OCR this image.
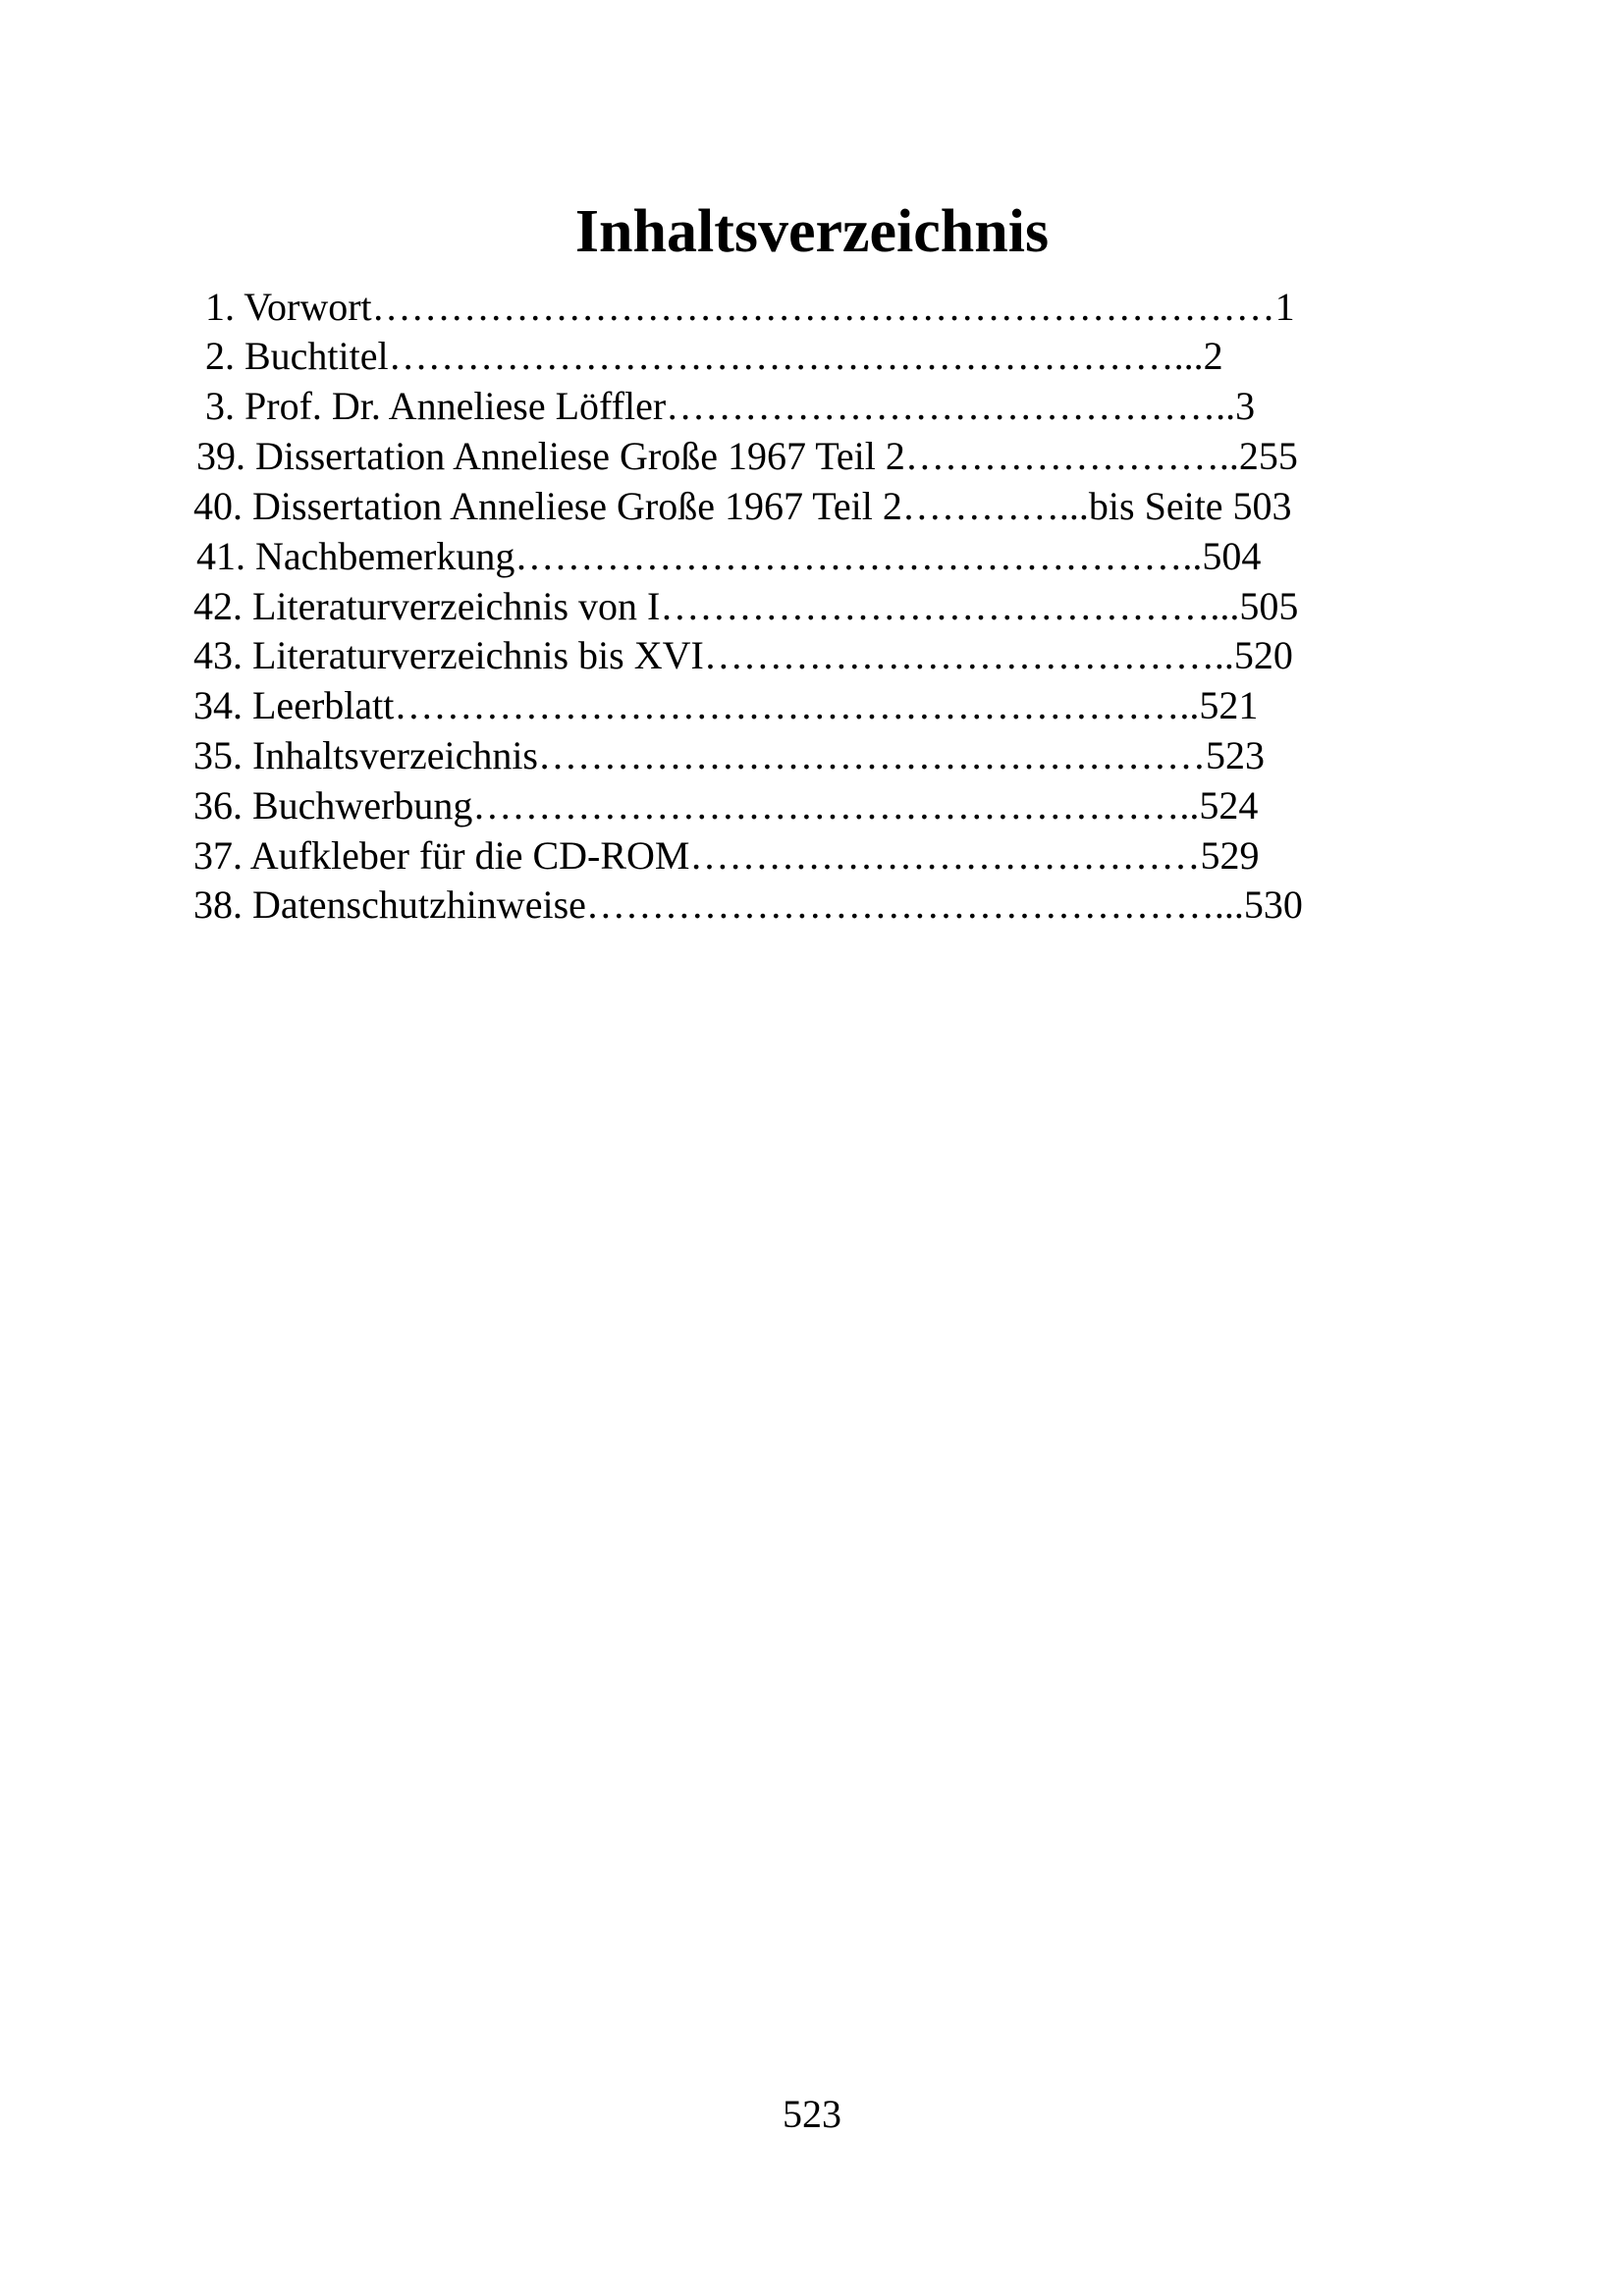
Inhaltsverzeichnis
1. Vorwort……………………………………………………………1
2. Buchtitel……………………………………………………...2
3. Prof. Dr. Anneliese Löffler……………………………………..3
39. Dissertation Anneliese Große 1967 Teil 2……………………..255
40. Dissertation Anneliese Große 1967 Teil 2…………...bis Seite 503
41. Nachbemerkung……………………………………………..504
42. Literaturverzeichnis von I……………………………………...505
43. Literaturverzeichnis bis XVI…………………………………..520
34. Leerblatt……………………………………………………..521
35. Inhaltsverzeichnis……………………………………………523
36. Buchwerbung………………………………………………..524
37. Aufkleber für die CD-ROM…………………………………529
38. Datenschutzhinweise…………………………………………...530
523
